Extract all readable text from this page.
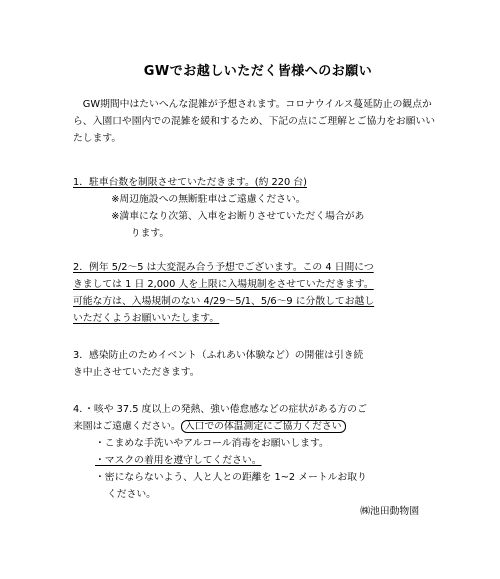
GWでお越しいただく皆様へのお願い
GW期間中はたいへんな混雑が予想されます。コロナウイルス蔓延防止の観点から、入園口や園内での混雑を緩和するため、下記の点にご理解とご協力をお願いいたします。
1．駐車台数を制限させていただきます。(約 220 台)
※周辺施設への無断駐車はご遠慮ください。
※満車になり次第、入車をお断りさせていただく場合があ
ります。
2．例年 5/2～5 は大変混み合う予想でございます。この 4 日間につ
きましては 1 日 2,000 人を上限に入場規制をさせていただきます。
可能な方は、入場規制のない 4/29～5/1、5/6～9 に分散してお越し
いただくようお願いいたします。
3．感染防止のためイベント（ふれあい体験など）の開催は引き続
き中止させていただきます。
4．・咳や 37.5 度以上の発熱、強い倦怠感などの症状がある方のご
来園はご遠慮ください。 入口での体温測定にご協力ください
・こまめな手洗いやアルコール消毒をお願いします。
・マスクの着用を遵守してください。
・密にならないよう、人と人との距離を 1~2 メートルお取り
ください。
㈱池田動物園
